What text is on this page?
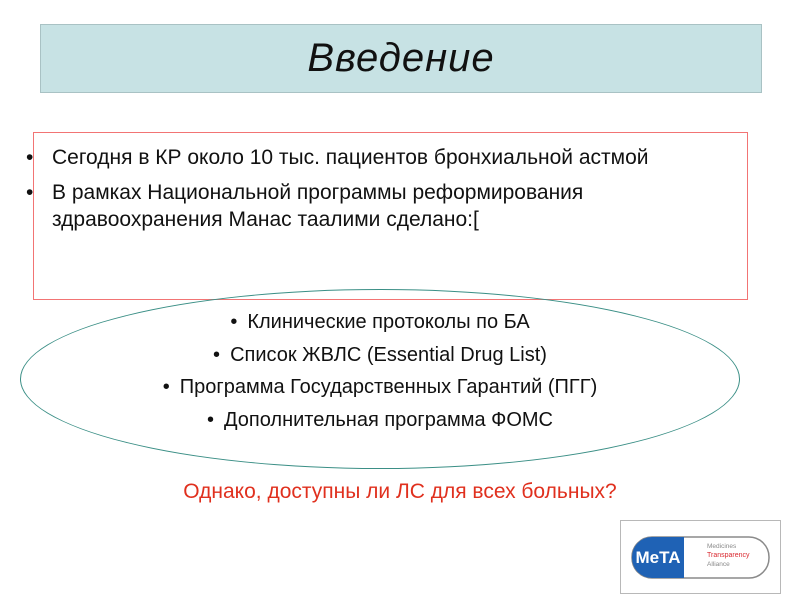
Введение
• Сегодня в КР около 10 тыс. пациентов бронхиальной астмой
• В рамках Национальной программы реформирования здравоохранения Манас таалими сделано:[
• Клинические протоколы по БА
• Список ЖВЛС (Essential Drug List)
• Программа Государственных Гарантий (ПГГ)
• Дополнительная программа ФОМС
Однако, доступны ли ЛС для всех больных?
MeTA
Medicines
Transparency
Alliance
